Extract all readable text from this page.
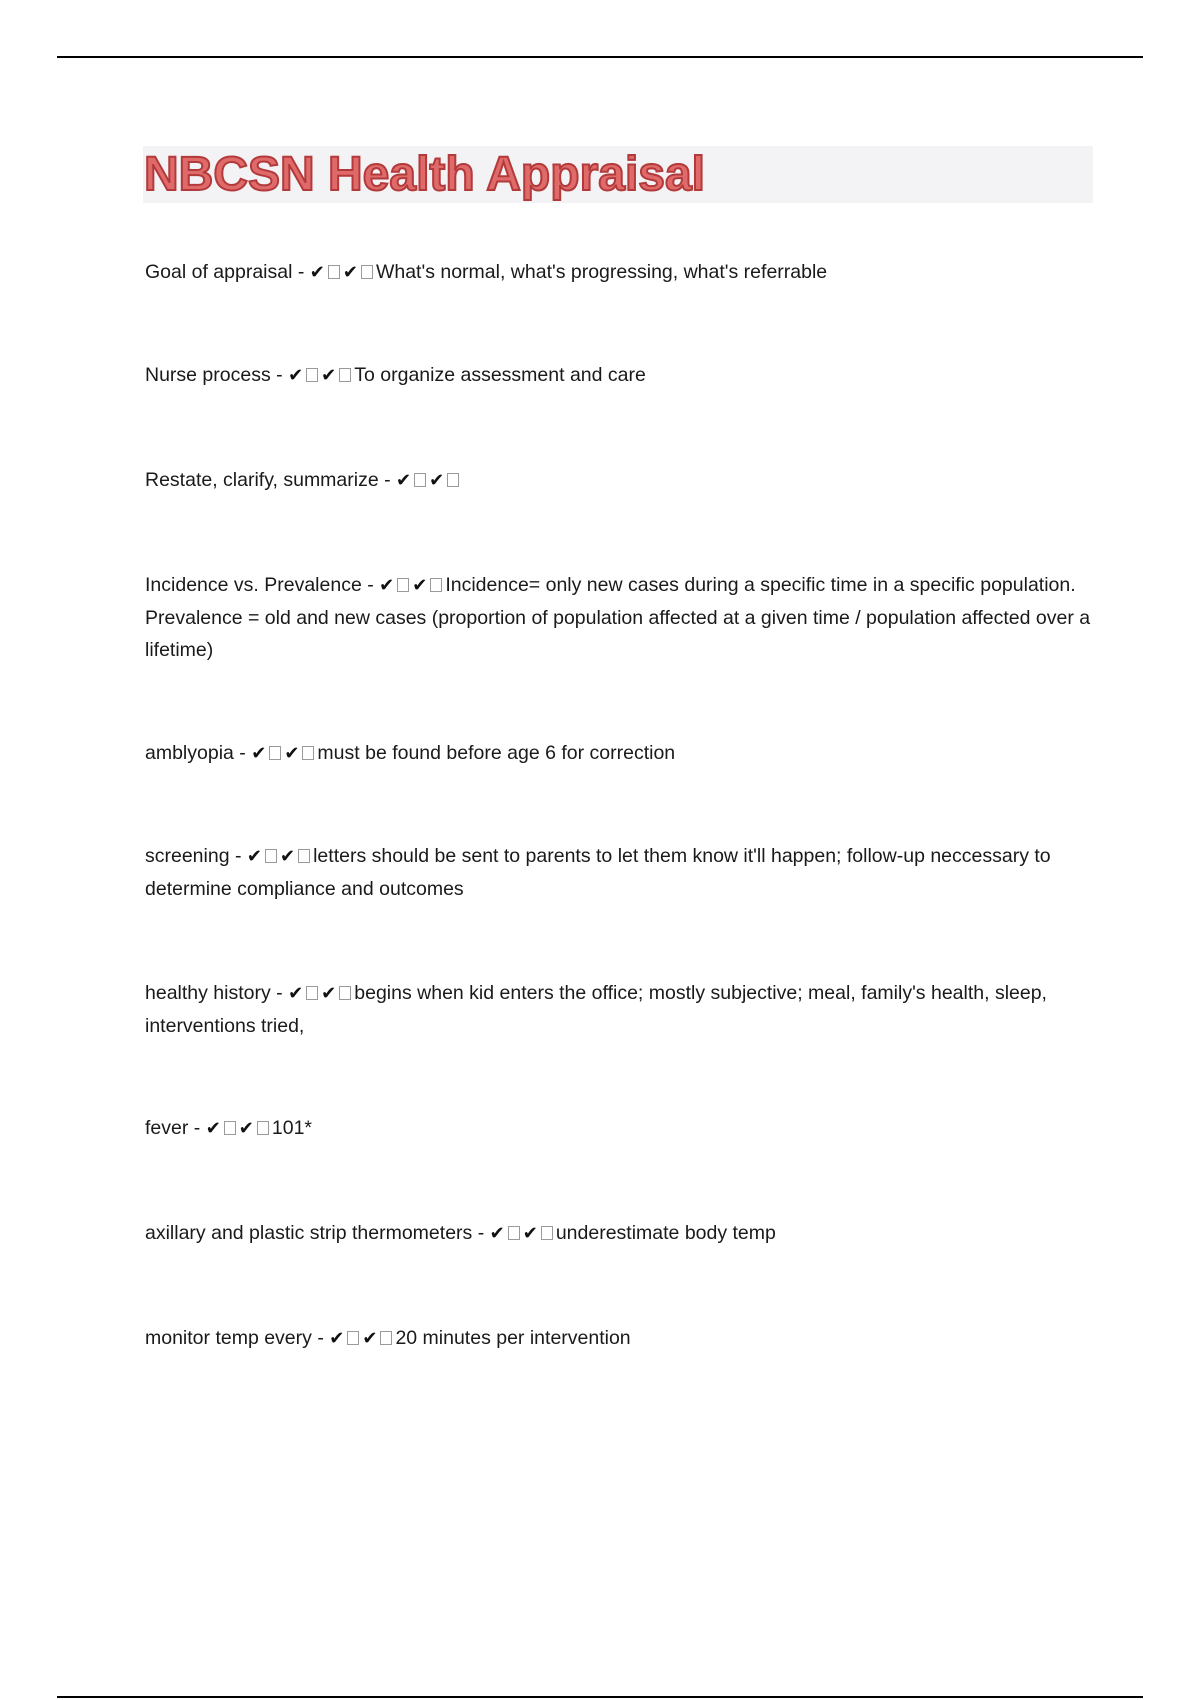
NBCSN Health Appraisal
Goal of appraisal - ✔ ✔ What's normal, what's progressing, what's referrable
Nurse process - ✔ ✔ To organize assessment and care
Restate, clarify, summarize - ✔ ✔
Incidence vs. Prevalence - ✔ ✔ Incidence= only new cases during a specific time in a specific population. Prevalence = old and new cases (proportion of population affected at a given time / population affected over a lifetime)
amblyopia - ✔ ✔ must be found before age 6 for correction
screening - ✔ ✔ letters should be sent to parents to let them know it'll happen; follow-up neccessary to determine compliance and outcomes
healthy history - ✔ ✔ begins when kid enters the office; mostly subjective; meal, family's health, sleep, interventions tried,
fever - ✔ ✔ 101*
axillary and plastic strip thermometers - ✔ ✔ underestimate body temp
monitor temp every - ✔ ✔ 20 minutes per intervention
